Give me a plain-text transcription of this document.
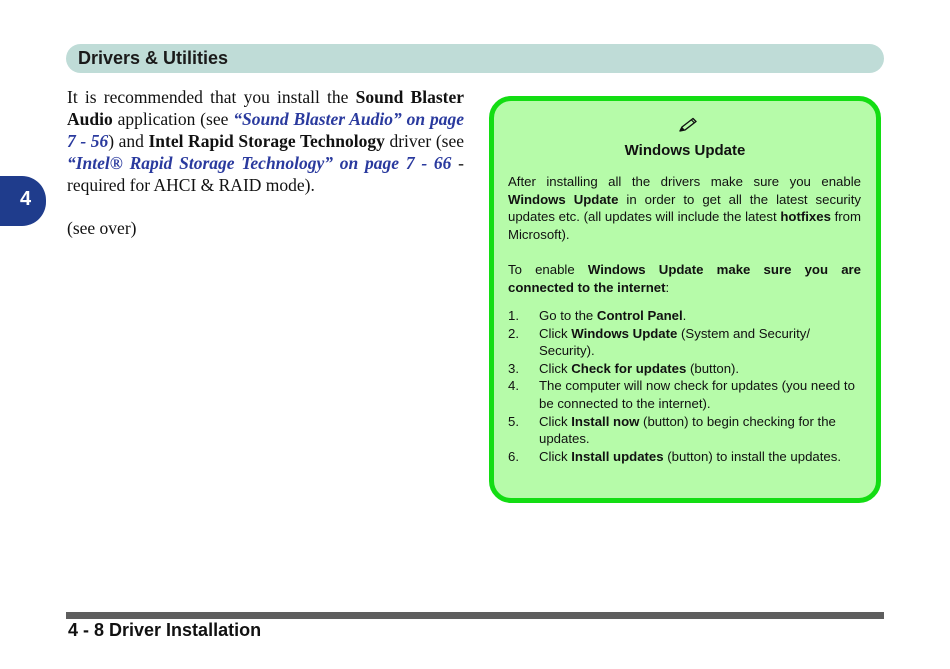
Drivers & Utilities
4

It is recommended that you install the Sound Blaster Audio application (see “Sound Blaster Audio” on page 7 - 56) and Intel Rapid Storage Technology driver (see “Intel® Rapid Storage Technology” on page 7 - 66 - required for AHCI & RAID mode).

(see over)

Windows Update

After installing all the drivers make sure you enable Windows Update in order to get all the latest security updates etc. (all updates will include the latest hotfixes from Microsoft).

To enable Windows Update make sure you are connected to the internet:

1. Go to the Control Panel.
2. Click Windows Update (System and Security/ Security).
3. Click Check for updates (button).
4. The computer will now check for updates (you need to be connected to the internet).
5. Click Install now (button) to begin checking for the updates.
6. Click Install updates (button) to install the updates.
4 - 8 Driver Installation
